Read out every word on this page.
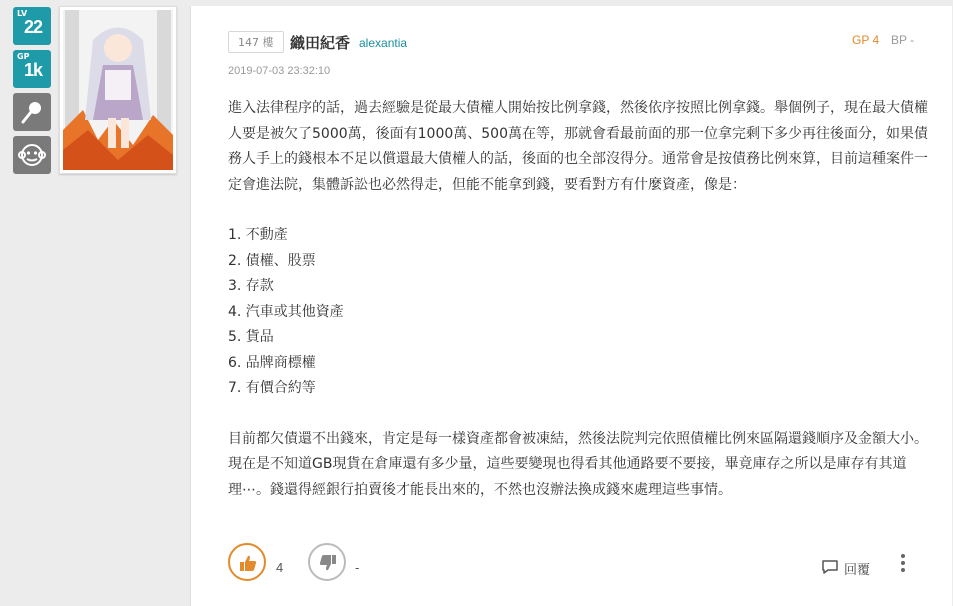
LV
22
GP
1k
147 樓	織田紀香 alexantia
2019-07-03 23:32:10
GP 4 BP -

進入法律程序的話，過去經驗是從最大債權人開始按比例拿錢，然後依序按照比例拿錢。舉個例子，現在最大債權人要是被欠了5000萬，後面有1000萬、500萬在等，那就會看最前面的那一位拿完剩下多少再往後面分，如果債務人手上的錢根本不足以償還最大債權人的話，後面的也全部沒得分。通常會是按債務比例來算，目前這種案件一定會進法院，集體訴訟也必然得走，但能不能拿到錢，要看對方有什麼資產，像是：

1. 不動產

2. 債權、股票

3. 存款

4. 汽車或其他資產

5. 貨品

6. 品牌商標權

7. 有價合約等

目前都欠債還不出錢來，肯定是每一樣資產都會被凍結，然後法院判完依照債權比例來區隔還錢順序及金額大小。現在是不知道GB現貨在倉庫還有多少量，這些要變現也得看其他通路要不要接，畢竟庫存之所以是庫存有其道理⋯。錢還得經銀行拍賣後才能長出來的，不然也沒辦法換成錢來處理這些事情。

4	-	回覆
